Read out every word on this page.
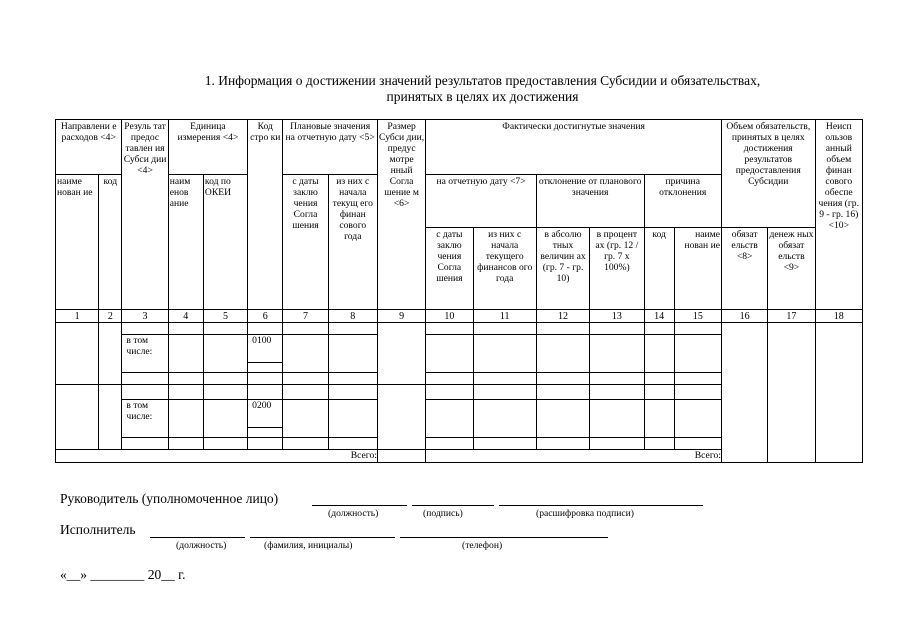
1. Информация о достижении значений результатов предоставления Субсидии и обязательствах,
принятых в целях их достижения
Направлени е расходов <4>		Резуль тат предос тавлен ия Субси дии <4>	Единица измерения <4>		Код стро ки	Плановые значения на отчетную дату <5>		Размер Субси дии, предус мотре нный Согла шение м <6>	Фактически достигнутые значения						Объем обязательств, принятых в целях достижения результатов предоставления Субсидии		Неисп ользов анный объем финан сового обеспе чения (гр. 9 - гр. 16) <10>
наиме нован ие	код		наим енов ание	код по ОКЕИ		с даты заклю чения Согла шения	из них с начала текущ его финан сового года		на отчетную дату <7>		отклонение от планового значения		причина отклонения				
									с даты заклю чения Согла шения	из них с начала текущего финансов ого года	в абсолю тных величин ах (гр. 7 - гр. 10)	в процент ах (гр. 12 / гр. 7 x 100%)	код	наиме нован ие	обязат ельств <8>	денеж ных обязат ельств <9>	
1	2	3	4	5	6	7	8	9	10	11	12	13	14	15	16	17	18

		в том числе:			0100												

		в том числе:			0200												

Всего:									Всего:								
Руководитель (уполномоченное лицо)
(должность)	(подпись)	(расшифровка подписи)
Исполнитель
(должность)	(фамилия, инициалы)	(телефон)
«__» ________ 20__ г.
